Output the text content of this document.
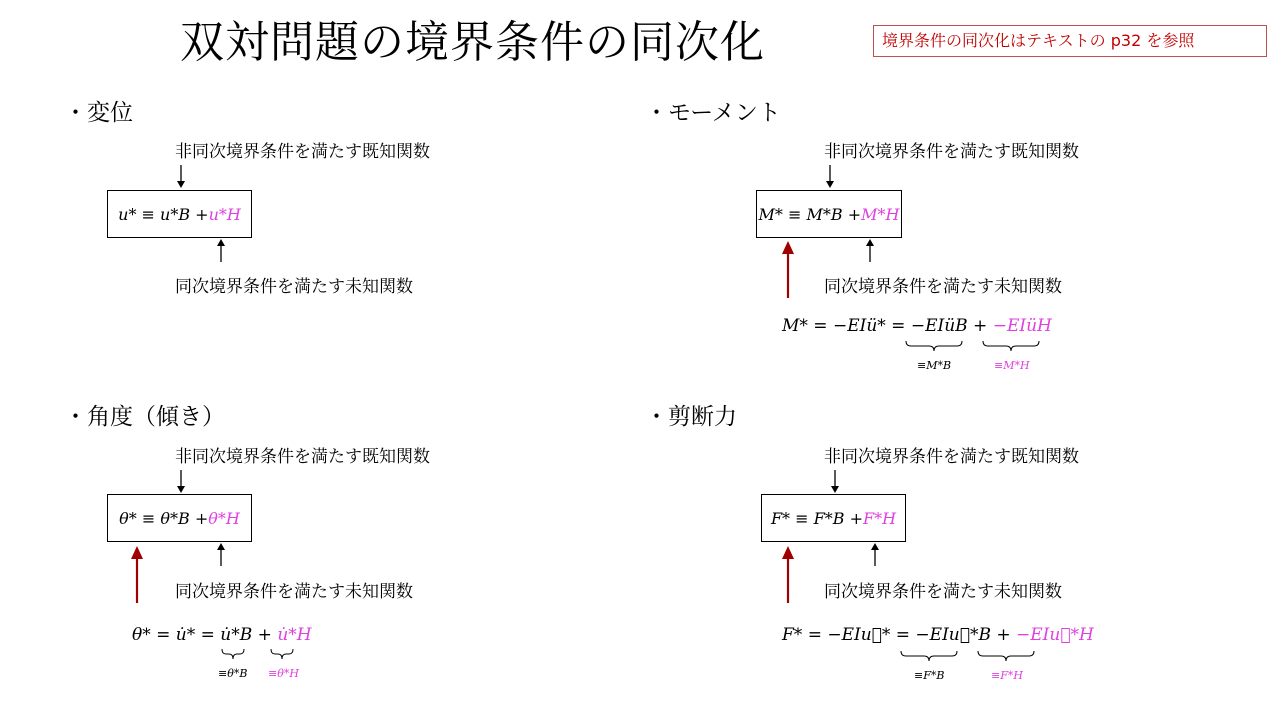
双対問題の境界条件の同次化	境界条件の同次化はテキストの p32 を参照
・変位
非同次境界条件を満たす既知関数
u* ≡ u*B + u*H
同次境界条件を満たす未知関数
・モーメント
非同次境界条件を満たす既知関数
M* ≡ M*B + M*H
同次境界条件を満たす未知関数
M* = −EIü* = −EIüB + −EIüH
≡M*B	≡M*H
・角度（傾き）
非同次境界条件を満たす既知関数
θ* ≡ θ*B + θ*H
同次境界条件を満たす未知関数
θ* = u̇* = u̇*B + u̇*H
≡θ*B ≡θ*H
・剪断力
非同次境界条件を満たす既知関数
F* ≡ F*B + F*H
同次境界条件を満たす未知関数
F* = −EIu⃛* = −EIu⃛*B + −EIu⃛*H
≡F*B	≡F*H
